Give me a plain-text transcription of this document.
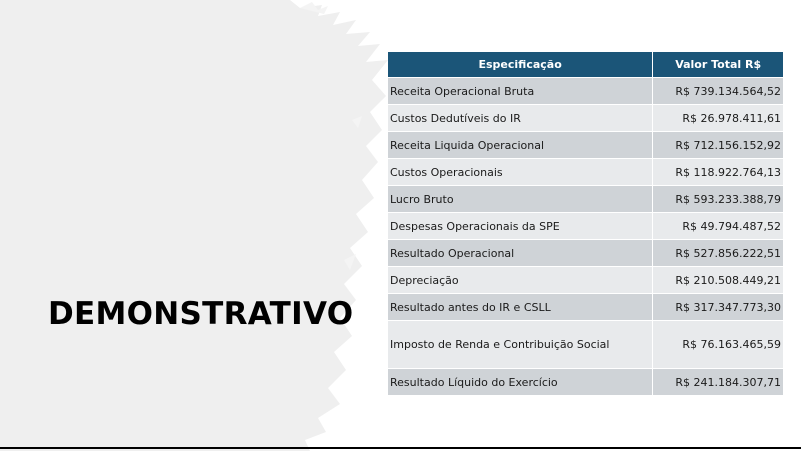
DEMONSTRATIVO
Especificação	Valor Total R$
Receita Operacional Bruta	R$ 739.134.564,52
Custos Dedutíveis do IR	R$ 26.978.411,61
Receita Liquida Operacional	R$ 712.156.152,92
Custos Operacionais	R$ 118.922.764,13
Lucro Bruto	R$ 593.233.388,79
Despesas Operacionais da SPE	R$ 49.794.487,52
Resultado Operacional	R$ 527.856.222,51
Depreciação	R$ 210.508.449,21
Resultado antes do IR e CSLL	R$ 317.347.773,30
Imposto de Renda e Contribuição Social	R$ 76.163.465,59
Resultado Líquido do Exercício	R$ 241.184.307,71
